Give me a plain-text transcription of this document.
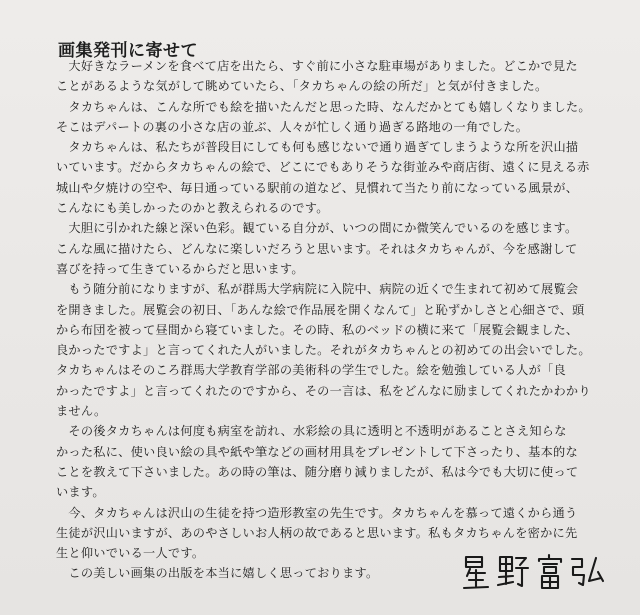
画集発刊に寄せて
　大好きなラーメンを食べて店を出たら、すぐ前に小さな駐車場がありました。どこかで見た
ことがあるような気がして眺めていたら、「タカちゃんの絵の所だ」と気が付きました。
　タカちゃんは、こんな所でも絵を描いたんだと思った時、なんだかとても嬉しくなりました。
そこはデパートの裏の小さな店の並ぶ、人々が忙しく通り過ぎる路地の一角でした。
　タカちゃんは、私たちが普段目にしても何も感じないで通り過ぎてしまうような所を沢山描
いています。だからタカちゃんの絵で、どこにでもありそうな街並みや商店街、遠くに見える赤
城山や夕焼けの空や、毎日通っている駅前の道など、見慣れて当たり前になっている風景が、
こんなにも美しかったのかと教えられるのです。
　大胆に引かれた線と深い色彩。観ている自分が、いつの間にか微笑んでいるのを感じます。
こんな風に描けたら、どんなに楽しいだろうと思います。それはタカちゃんが、今を感謝して
喜びを持って生きているからだと思います。
　もう随分前になりますが、私が群馬大学病院に入院中、病院の近くで生まれて初めて展覧会
を開きました。展覧会の初日、「あんな絵で作品展を開くなんて」と恥ずかしさと心細さで、頭
から布団を被って昼間から寝ていました。その時、私のベッドの横に来て「展覧会観ました、
良かったですよ」と言ってくれた人がいました。それがタカちゃんとの初めての出会いでした。
タカちゃんはそのころ群馬大学教育学部の美術科の学生でした。絵を勉強している人が「良
かったですよ」と言ってくれたのですから、その一言は、私をどんなに励ましてくれたかわかり
ません。
　その後タカちゃんは何度も病室を訪れ、水彩絵の具に透明と不透明があることさえ知らな
かった私に、使い良い絵の具や紙や筆などの画材用具をプレゼントして下さったり、基本的な
ことを教えて下さいました。あの時の筆は、随分磨り減りましたが、私は今でも大切に使って
います。
　今、タカちゃんは沢山の生徒を持つ造形教室の先生です。タカちゃんを慕って遠くから通う
生徒が沢山いますが、あのやさしいお人柄の故であると思います。私もタカちゃんを密かに先
生と仰いでいる一人です。
　この美しい画集の出版を本当に嬉しく思っております。
